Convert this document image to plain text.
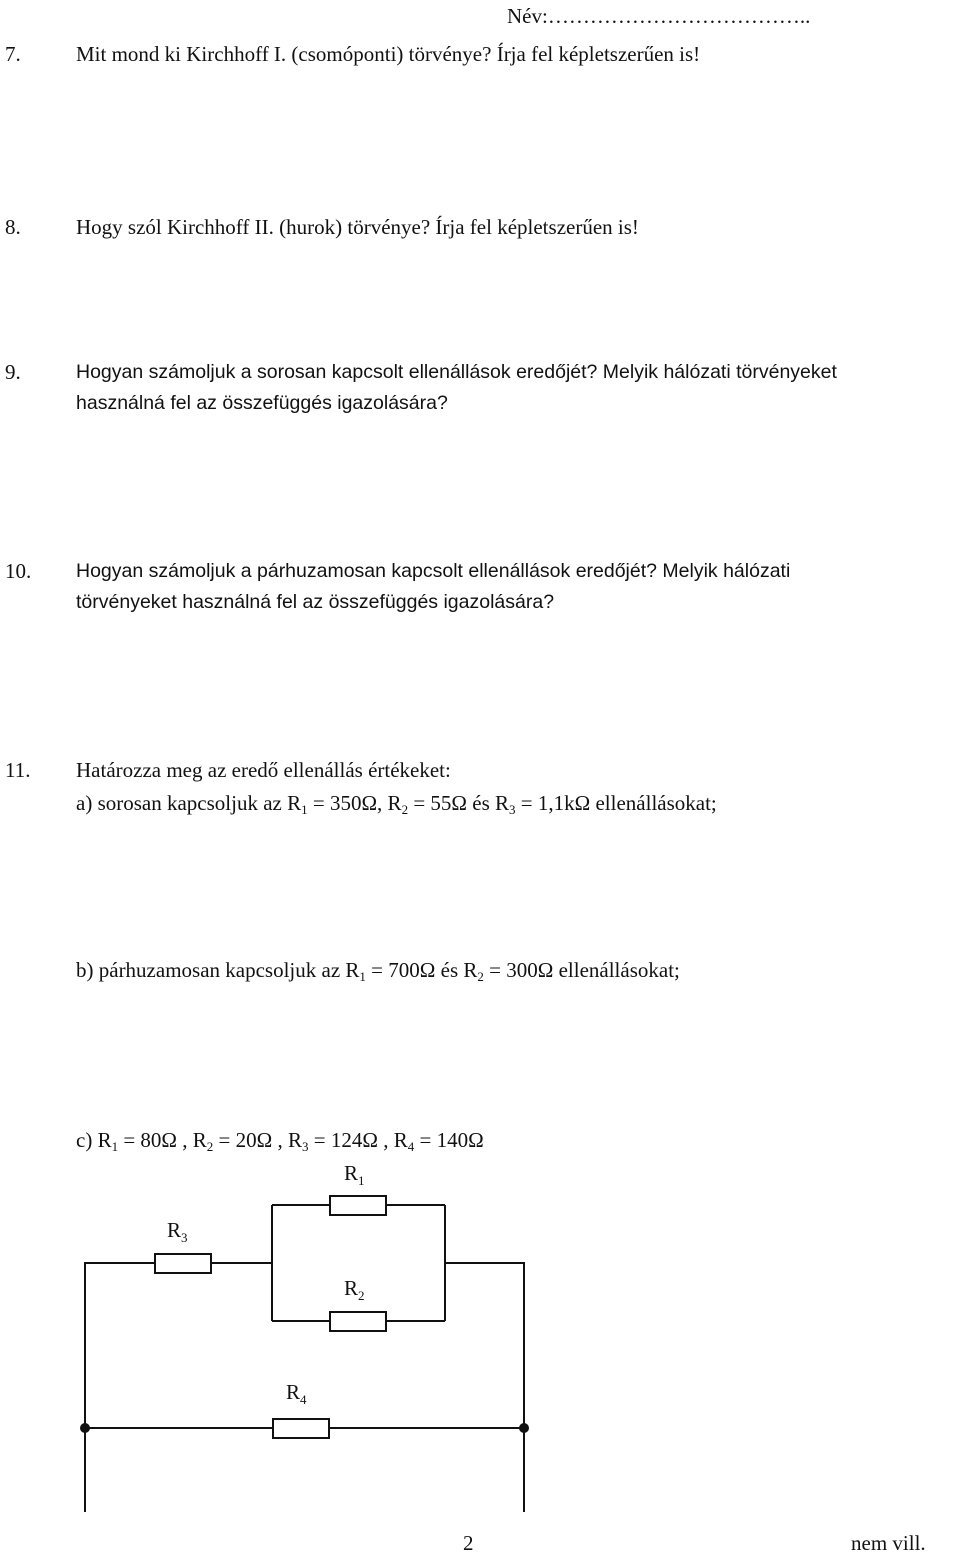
Név:………………………………..
7.	Mit mond ki Kirchhoff I. (csomóponti) törvénye? Írja fel képletszerűen is!
8.	Hogy szól Kirchhoff II. (hurok) törvénye? Írja fel képletszerűen is!
9.	Hogyan számoljuk a sorosan kapcsolt ellenállások eredőjét? Melyik hálózati törvényeket
használná fel az összefüggés igazolására?
10. Hogyan számoljuk a párhuzamosan kapcsolt ellenállások eredőjét? Melyik hálózati
törvényeket használná fel az összefüggés igazolására?
11. Határozza meg az eredő ellenállás értékeket:
a) sorosan kapcsoljuk az $R_1 = 350\Omega$, $R_2 = 55\Omega$ és $R_3 = 1,1k\Omega$ ellenállásokat;
b) párhuzamosan kapcsoljuk az $R_1 = 700\Omega$ és $R_2 = 300\Omega$ ellenállásokat;
c) $R_1 = 80\Omega$ , $R_2 = 20\Omega$ , $R_3 = 124\Omega$ , $R_4 = 140\Omega$
$R_1$
$R_3$
$R_2$
$R_4$
2	nem vill.
